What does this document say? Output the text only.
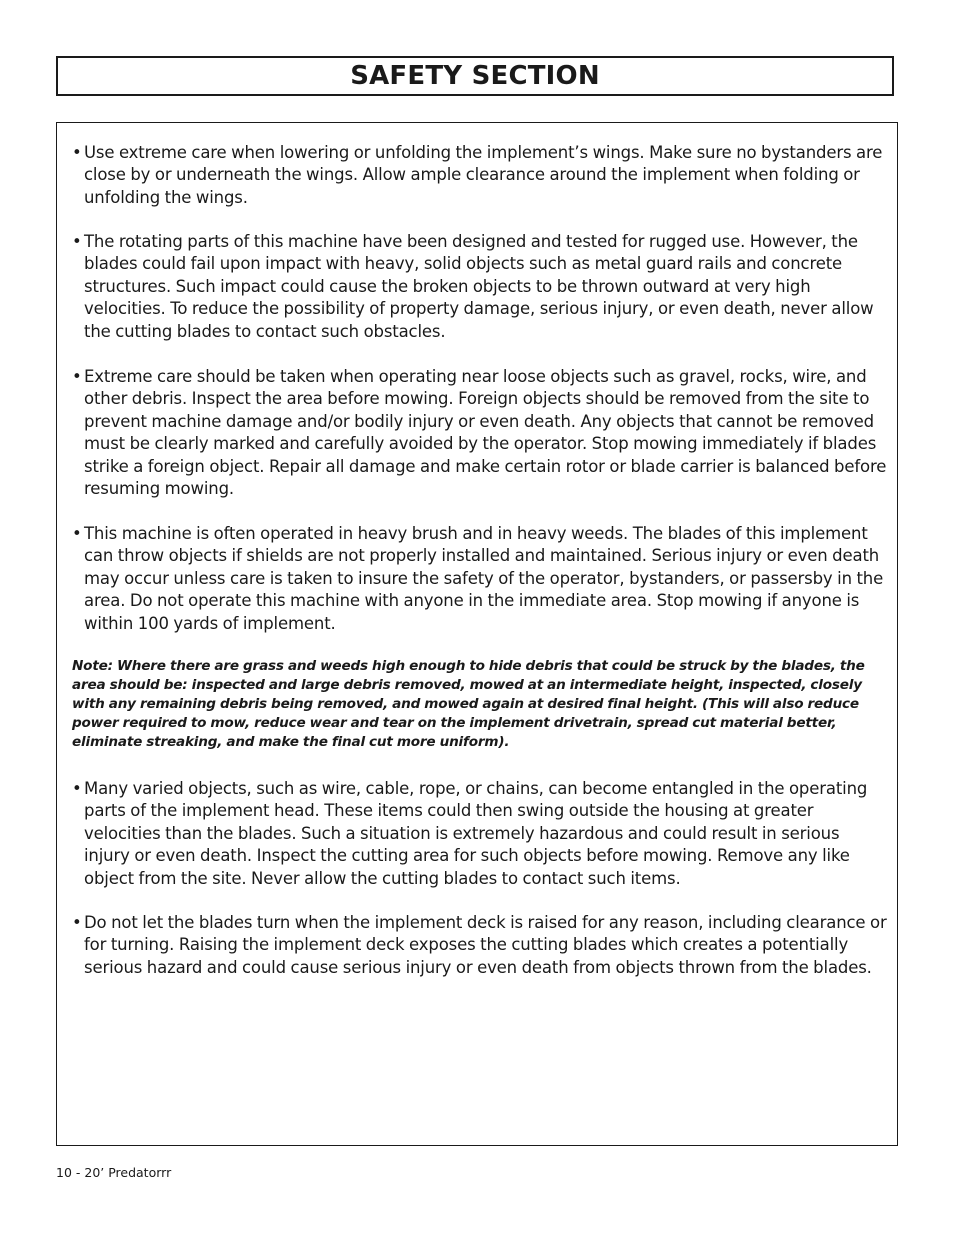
SAFETY SECTION
• Use extreme care when lowering or unfolding the implement’s wings. Make sure no bystanders are close by or underneath the wings. Allow ample clearance around the implement when folding or unfolding the wings.
• The rotating parts of this machine have been designed and tested for rugged use. However, the blades could fail upon impact with heavy, solid objects such as metal guard rails and concrete structures. Such impact could cause the broken objects to be thrown outward at very high velocities. To reduce the possibility of property damage, serious injury, or even death, never allow the cutting blades to contact such obstacles.
• Extreme care should be taken when operating near loose objects such as gravel, rocks, wire, and other debris. Inspect the area before mowing. Foreign objects should be removed from the site to prevent machine damage and/or bodily injury or even death. Any objects that cannot be removed must be clearly marked and carefully avoided by the operator. Stop mowing immediately if blades strike a foreign object. Repair all damage and make certain rotor or blade carrier is balanced before resuming mowing.
• This machine is often operated in heavy brush and in heavy weeds. The blades of this implement can throw objects if shields are not properly installed and maintained. Serious injury or even death may occur unless care is taken to insure the safety of the operator, bystanders, or passersby in the area. Do not operate this machine with anyone in the immediate area. Stop mowing if anyone is within 100 yards of implement.
Note: Where there are grass and weeds high enough to hide debris that could be struck by the blades, the area should be: inspected and large debris removed, mowed at an intermediate height, inspected, closely with any remaining debris being removed, and mowed again at desired final height. (This will also reduce power required to mow, reduce wear and tear on the implement drivetrain, spread cut material better, eliminate streaking, and make the final cut more uniform).
• Many varied objects, such as wire, cable, rope, or chains, can become entangled in the operating parts of the implement head. These items could then swing outside the housing at greater velocities than the blades. Such a situation is extremely hazardous and could result in serious injury or even death. Inspect the cutting area for such objects before mowing. Remove any like object from the site. Never allow the cutting blades to contact such items.
• Do not let the blades turn when the implement deck is raised for any reason, including clearance or for turning. Raising the implement deck exposes the cutting blades which creates a potentially serious hazard and could cause serious injury or even death from objects thrown from the blades.
10 - 20’ Predatorrr
